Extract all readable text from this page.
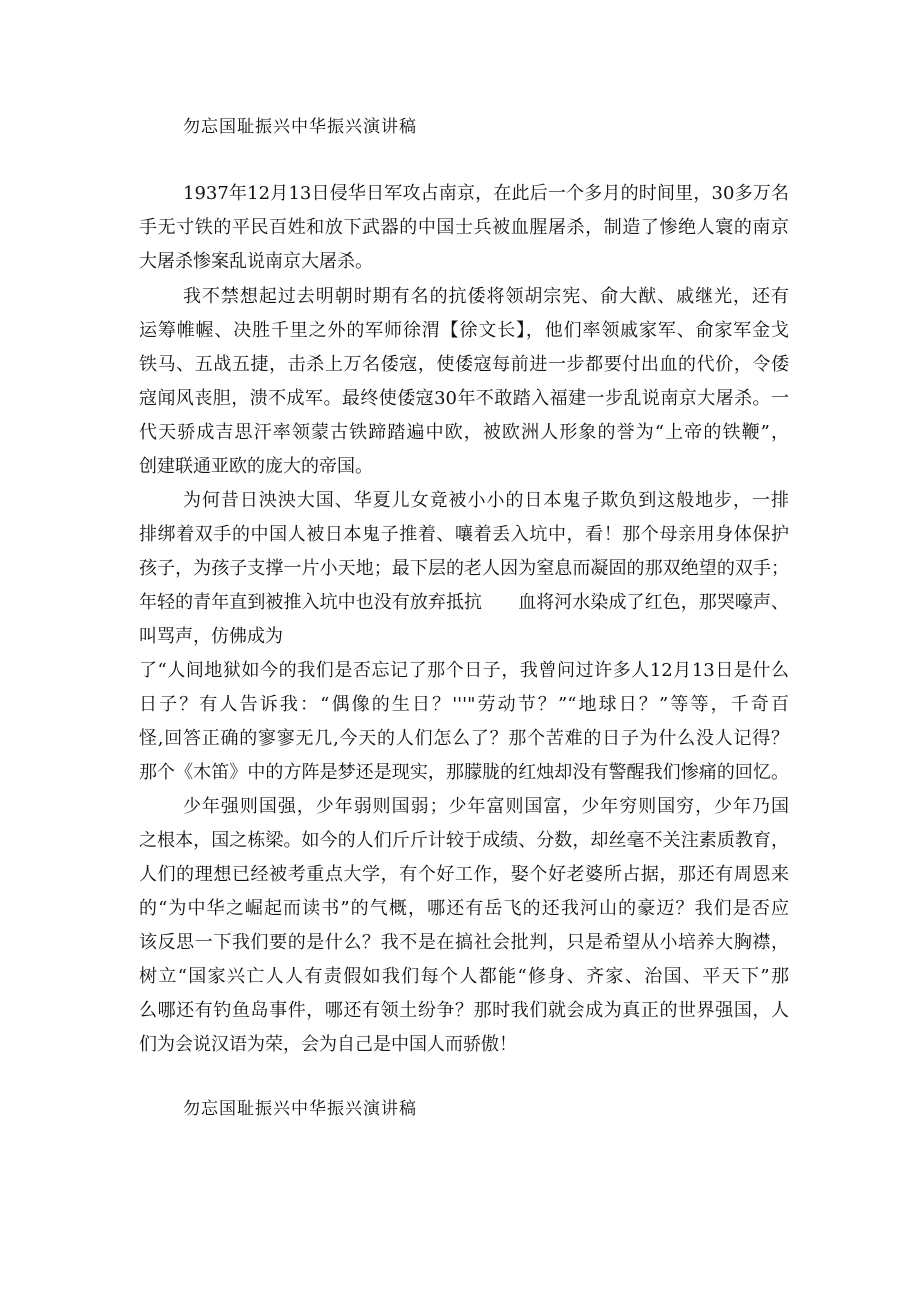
勿忘国耻振兴中华振兴演讲稿
1937年12月13日侵华日军攻占南京，在此后一个多月的时间里，30多万名
手无寸铁的平民百姓和放下武器的中国士兵被血腥屠杀，制造了惨绝人寰的南京
大屠杀惨案乱说南京大屠杀。
我不禁想起过去明朝时期有名的抗倭将领胡宗宪、俞大猷、戚继光，还有
运筹帷幄、决胜千里之外的军师徐渭【徐文长】，他们率领戚家军、俞家军金戈
铁马、五战五捷，击杀上万名倭寇，使倭寇每前进一步都要付出血的代价，令倭
寇闻风丧胆，溃不成军。最终使倭寇30年不敢踏入福建一步乱说南京大屠杀。一
代天骄成吉思汗率领蒙古铁蹄踏遍中欧，被欧洲人形象的誉为“上帝的铁鞭”，
创建联通亚欧的庞大的帝国。
为何昔日泱泱大国、华夏儿女竟被小小的日本鬼子欺负到这般地步，一排
排绑着双手的中国人被日本鬼子推着、嚷着丢入坑中，看！那个母亲用身体保护
孩子，为孩子支撑一片小天地；最下层的老人因为窒息而凝固的那双绝望的双手；
年轻的青年直到被推入坑中也没有放弃抵抗　　血将河水染成了红色，那哭嚎声、
叫骂声，仿佛成为
了“人间地狱如今的我们是否忘记了那个日子，我曾问过许多人12月13日是什么
日子？有人告诉我：“偶像的生日？'''"劳动节？”“地球日？”等等，千奇百
怪,回答正确的寥寥无几,今天的人们怎么了？那个苦难的日子为什么没人记得？
那个《木笛》中的方阵是梦还是现实，那朦胧的红烛却没有警醒我们惨痛的回忆。
少年强则国强，少年弱则国弱；少年富则国富，少年穷则国穷，少年乃国
之根本，国之栋梁。如今的人们斤斤计较于成绩、分数，却丝毫不关注素质教育，
人们的理想已经被考重点大学，有个好工作，娶个好老婆所占据，那还有周恩来
的“为中华之崛起而读书”的气概，哪还有岳飞的还我河山的豪迈？我们是否应
该反思一下我们要的是什么？我不是在搞社会批判，只是希望从小培养大胸襟，
树立“国家兴亡人人有责假如我们每个人都能“修身、齐家、治国、平天下”那
么哪还有钓鱼岛事件，哪还有领土纷争？那时我们就会成为真正的世界强国，人
们为会说汉语为荣，会为自己是中国人而骄傲！
勿忘国耻振兴中华振兴演讲稿
